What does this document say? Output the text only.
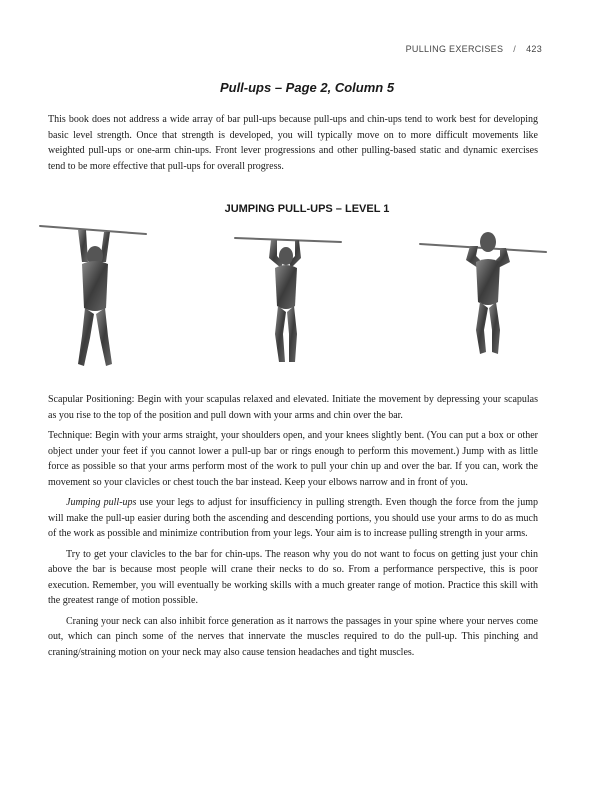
PULLING EXERCISES / 423
Pull-ups – Page 2, Column 5

This book does not address a wide array of bar pull-ups because pull-ups and chin-ups tend to work best for developing basic level strength. Once that strength is developed, you will typically move on to more difficult movements like weighted pull-ups or one-arm chin-ups. Front lever progressions and other pulling-based static and dynamic exercises tend to be more effective that pull-ups for overall progress.

JUMPING PULL-UPS – LEVEL 1

Scapular Positioning: Begin with your scapulas relaxed and elevated. Initiate the movement by depressing your scapulas as you rise to the top of the position and pull down with your arms and chin over the bar.

Technique: Begin with your arms straight, your shoulders open, and your knees slightly bent. (You can put a box or other object under your feet if you cannot lower a pull-up bar or rings enough to perform this movement.) Jump with as little force as possible so that your arms perform most of the work to pull your chin up and over the bar. If you can, work the movement so your clavicles or chest touch the bar instead. Keep your elbows narrow and in front of you.

Jumping pull-ups use your legs to adjust for insufficiency in pulling strength. Even though the force from the jump will make the pull-up easier during both the ascending and descending portions, you should use your arms to do as much of the work as possible and minimize contribution from your legs. Your aim is to increase pulling strength in your arms.

Try to get your clavicles to the bar for chin-ups. The reason why you do not want to focus on getting just your chin above the bar is because most people will crane their necks to do so. From a performance perspective, this is poor execution. Remember, you will eventually be working skills with a much greater range of motion. Practice this skill with the greatest range of motion possible.

Craning your neck can also inhibit force generation as it narrows the passages in your spine where your nerves come out, which can pinch some of the nerves that innervate the muscles required to do the pull-up. This pinching and craning/straining motion on your neck may also cause tension headaches and tight muscles.
